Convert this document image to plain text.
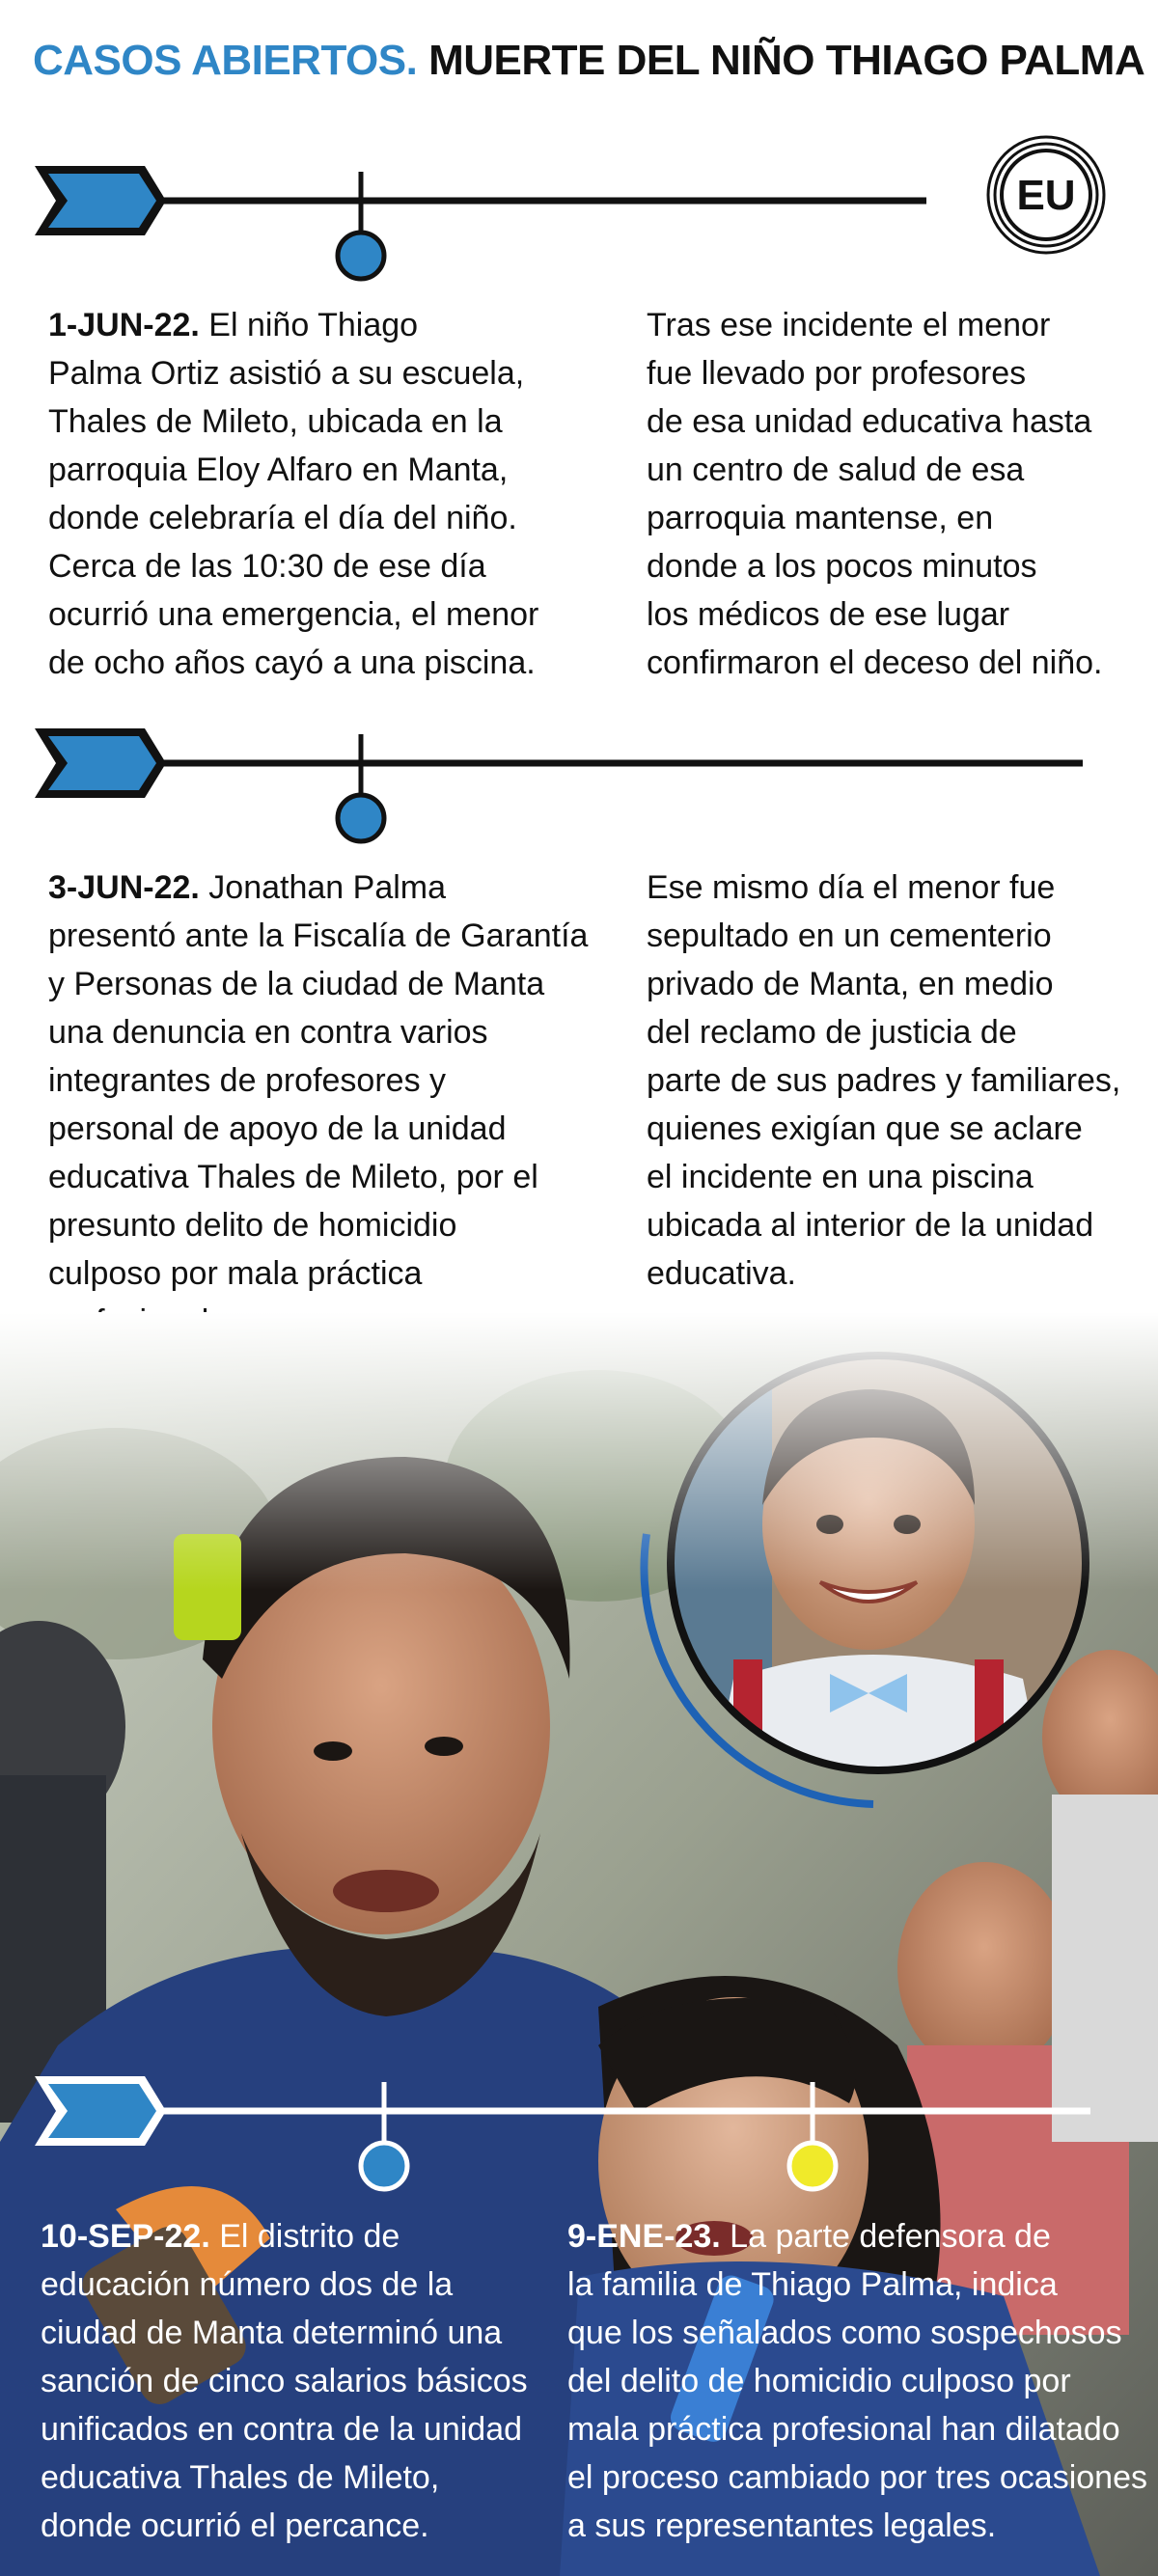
CASOS ABIERTOS. MUERTE DEL NIÑO THIAGO PALMA
EU
1-JUN-22. El niño Thiago
Palma Ortiz asistió a su escuela,
Thales de Mileto, ubicada en la
parroquia Eloy Alfaro en Manta,
donde celebraría el día del niño.
Cerca de las 10:30 de ese día
ocurrió una emergencia, el menor
de ocho años cayó a una piscina.
Tras ese incidente el menor
fue llevado por profesores
de esa unidad educativa hasta
un centro de salud de esa
parroquia mantense, en
donde a los pocos minutos
los médicos de ese lugar
confirmaron el deceso del niño.
3-JUN-22. Jonathan Palma
presentó ante la Fiscalía de Garantía
y Personas de la ciudad de Manta
una denuncia en contra varios
integrantes de profesores y
personal de apoyo de la unidad
educativa Thales de Mileto, por el
presunto delito de homicidio
culposo por mala práctica

Ese mismo día el menor fue
sepultado en un cementerio
privado de Manta, en medio
del reclamo de justicia de
parte de sus padres y familiares,
quienes exigían que se aclare
el incidente en una piscina
ubicada al interior de la unidad
educativa.
10-SEP-22. El distrito de
educación número dos de la
ciudad de Manta determinó una
sanción de cinco salarios básicos
unificados en contra de la unidad
educativa Thales de Mileto,
donde ocurrió el percance.
9-ENE-23. La parte defensora de
la familia de Thiago Palma, indica
que los señalados como sospechosos
del delito de homicidio culposo por
mala práctica profesional han dilatado
el proceso cambiado por tres ocasiones
a sus representantes legales.
